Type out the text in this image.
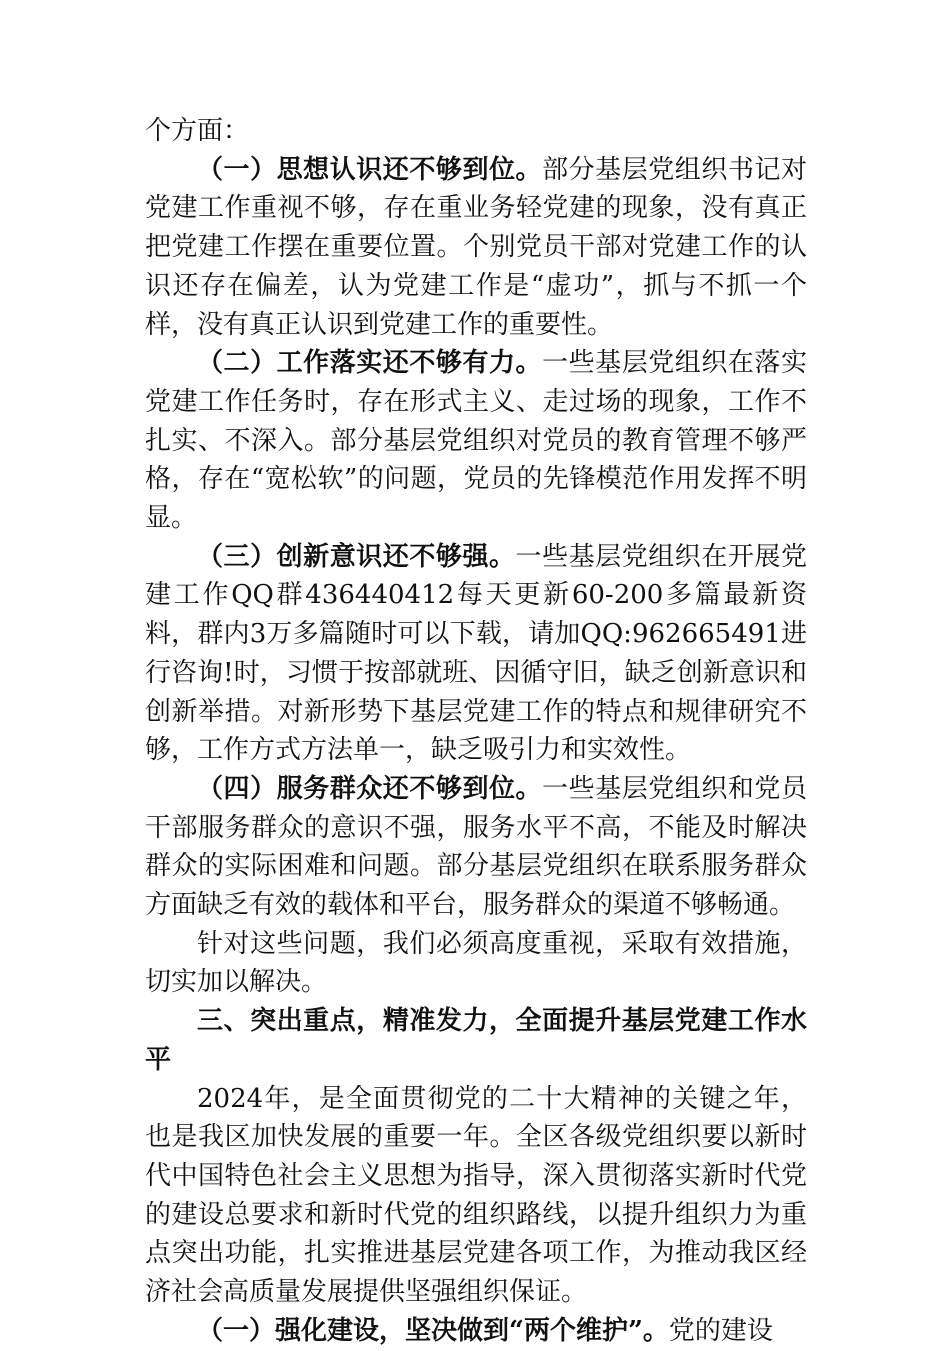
个方面：

（一）思想认识还不够到位。部分基层党组织书记对党建工作重视不够，存在重业务轻党建的现象，没有真正把党建工作摆在重要位置。个别党员干部对党建工作的认识还存在偏差，认为党建工作是“虚功”，抓与不抓一个样，没有真正认识到党建工作的重要性。

（二）工作落实还不够有力。一些基层党组织在落实党建工作任务时，存在形式主义、走过场的现象，工作不扎实、不深入。部分基层党组织对党员的教育管理不够严格，存在“宽松软”的问题，党员的先锋模范作用发挥不明显。

（三）创新意识还不够强。一些基层党组织在开展党建工作QQ群436440412每天更新60-200多篇最新资料，群内3万多篇随时可以下载，请加QQ:962665491进行咨询!时，习惯于按部就班、因循守旧，缺乏创新意识和创新举措。对新形势下基层党建工作的特点和规律研究不够，工作方式方法单一，缺乏吸引力和实效性。

（四）服务群众还不够到位。一些基层党组织和党员干部服务群众的意识不强，服务水平不高，不能及时解决群众的实际困难和问题。部分基层党组织在联系服务群众方面缺乏有效的载体和平台，服务群众的渠道不够畅通。

针对这些问题，我们必须高度重视，采取有效措施，切实加以解决。

三、突出重点，精准发力，全面提升基层党建工作水平

2024年，是全面贯彻党的二十大精神的关键之年，也是我区加快发展的重要一年。全区各级党组织要以新时代中国特色社会主义思想为指导，深入贯彻落实新时代党的建设总要求和新时代党的组织路线，以提升组织力为重点突出功能，扎实推进基层党建各项工作，为推动我区经济社会高质量发展提供坚强组织保证。

（一）强化建设，坚决做到“两个维护”。党的建设
